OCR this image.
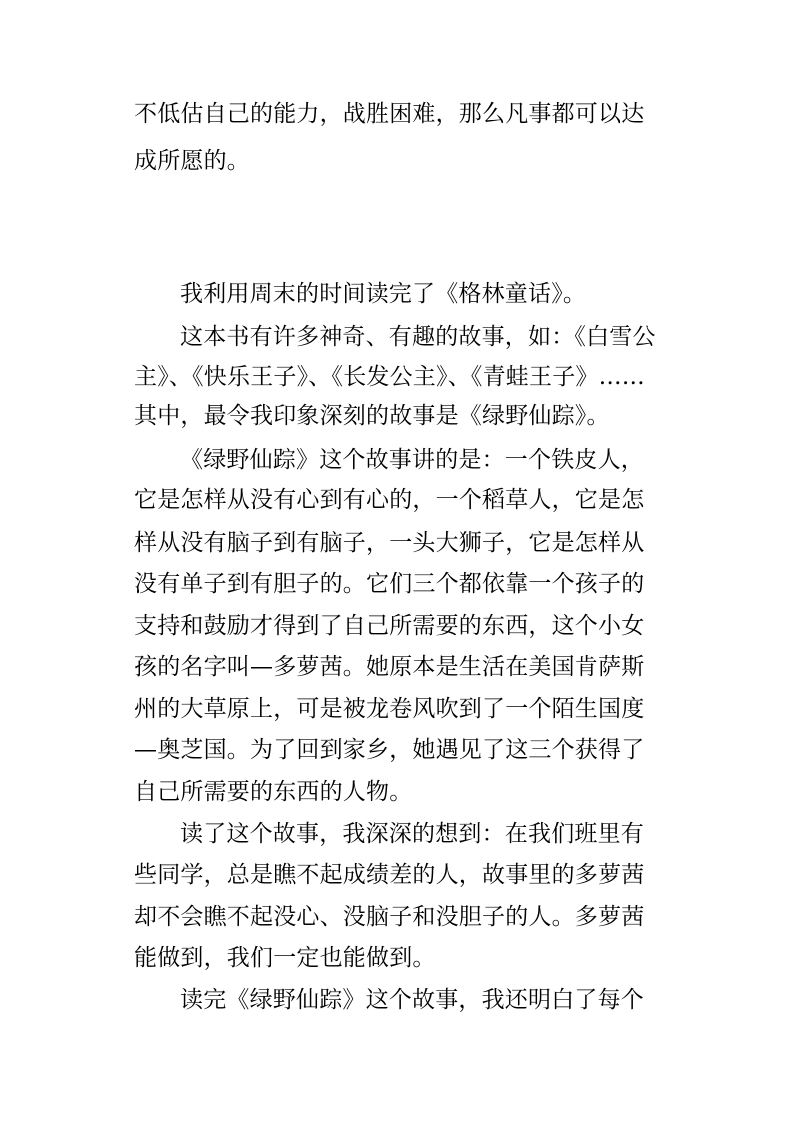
不低估自己的能力，战胜困难，那么凡事都可以达
成所愿的。
我利用周末的时间读完了《格林童话》。
这本书有许多神奇、有趣的故事，如：《白雪公
主》、《快乐王子》、《长发公主》、《青蛙王子》……
其中，最令我印象深刻的故事是《绿野仙踪》。
《绿野仙踪》这个故事讲的是：一个铁皮人，
它是怎样从没有心到有心的，一个稻草人，它是怎
样从没有脑子到有脑子，一头大狮子，它是怎样从
没有单子到有胆子的。它们三个都依靠一个孩子的
支持和鼓励才得到了自己所需要的东西，这个小女
孩的名字叫—多萝茜。她原本是生活在美国肯萨斯
州的大草原上，可是被龙卷风吹到了一个陌生国度
—奥芝国。为了回到家乡，她遇见了这三个获得了
自己所需要的东西的人物。
读了这个故事，我深深的想到：在我们班里有
些同学，总是瞧不起成绩差的人，故事里的多萝茜
却不会瞧不起没心、没脑子和没胆子的人。多萝茜
能做到，我们一定也能做到。
读完《绿野仙踪》这个故事，我还明白了每个
